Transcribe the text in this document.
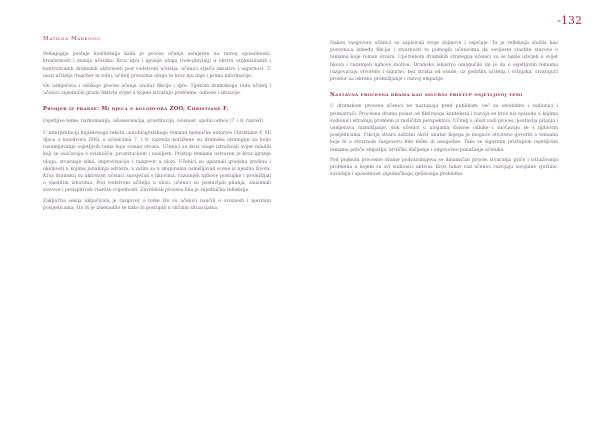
-132
Matilda Marković

Pedagogija postaje kvalitetnija kada je proces učenja usmjeren na razvoj sposobnosti, kreativnosti i znanja učenika. Kroz igru i igranje uloga (role-playing) u okviru organiziranih i kontroliranih dramskih aktivnosti pod vodstvom učitelja, učenici stječu iskustvo i sigurnost. U ulozi učitelja (teacher in role), učitelj preuzima ulogu te kroz nju daje i prima informacije.

On usmjerava i oblikuje proces učenja unutar fikcije i igre. Tijekom dramskoga rada učitelj i učenici zajednički grade fiktivni svijet u kojem istražuju probleme, odnose i situacije.

Primjer iz prakse: Mi djeca s kolodvora ZOO, Christiane F.

Osjetljive teme: narkomanija, adolescencija, prostitucija, ovisnost, spolni odnos (7. i 8. razred)

U interpretaciji književnoga teksta, autobiografskoga romana njemačke autorice Christiane F. Mi djeca s kolodvora ZOO, s učenicima 7. i 8. razreda korištene su dramske strategije za bolje razumijevanje osjetljivih tema koje roman otvara. Učenici su kroz uloge istraživali svijet mladih koji se suočavaju s ovisnošću, prostitucijom i nasiljem. Pristup temama ostvaren je kroz igranje uloga, stvaranje slika, improvizaciju i razgovor u ulozi. Učenici su upoznali gradsku sredinu i okolnosti u kojima junakinja odrasta, a zatim su u skupinama osmišljavali scene iz njezina života. Kroz dramsku su aktivnost učenici suosjećali s likovima, razumjeli njihove postupke i promišljali o vlastitim izborima. Pod vodstvom učitelja u ulozi, učenici su postavljali pitanja, zauzimali stavove i preispitivali vlastite vrijednosti. Završetak procesa bila je zajednička refleksija.

Zaključna sesija uključivala je razgovor o tome što su učenici naučili o ovisnosti i njezinim posljedicama, što ih je iznenadilo te kako bi postupili u sličnim situacijama.

Nakon razgovora učenici su zapisivali svoje dojmove i osjećaje. Ta je refleksija služila kao poveznica između fikcije i stvarnosti te pomogla učenicima da osvijeste vlastite stavove o temama koje roman otvara. Upotrebom dramskih strategija učenici su se lakše uživjeli u svijet likova i razumjeli njihove motive. Dramsko iskustvo omogućilo im je da o osjetljivim temama razgovaraju otvoreno i sigurno, bez straha od osude, uz podršku učitelja i vršnjaka, stvarajući prostor za iskreno promišljanje i razvoj empatije.

Nastavna procesna drama kao sigurni pristup osjetljivoj temi

U dramskom procesu učenici ne nastupaju pred publikom, već su istodobno i sudionici i promatrači. Procesna drama polazi od fiktivnoga konteksta i razvija se kroz niz epizoda u kojima sudionici istražuju problem iz različitih perspektiva. Učitelj u ulozi vodi proces, postavlja pitanja i usmjerava razmišljanje, dok učenici u ulogama donose odluke i suočavaju se s njihovim posljedicama. Fikcija stvara zaštitni okvir unutar kojega je moguće otvoreno govoriti o temama koje bi u stvarnom razgovoru bile teške ili neugodne. Tako se sigurnim pristupom osjetljivim temama potiče empatija, kritičko mišljenje i odgovorno ponašanje učenika.

Pod pojmom procesne drame podrazumijeva se dinamičan proces stvaranja priče i istraživanja problema u kojem su svi sudionici aktivni. Kroz takav rad učenici razvijaju socijalne vještine, suradnju i sposobnost zajedničkoga rješavanja problema.
